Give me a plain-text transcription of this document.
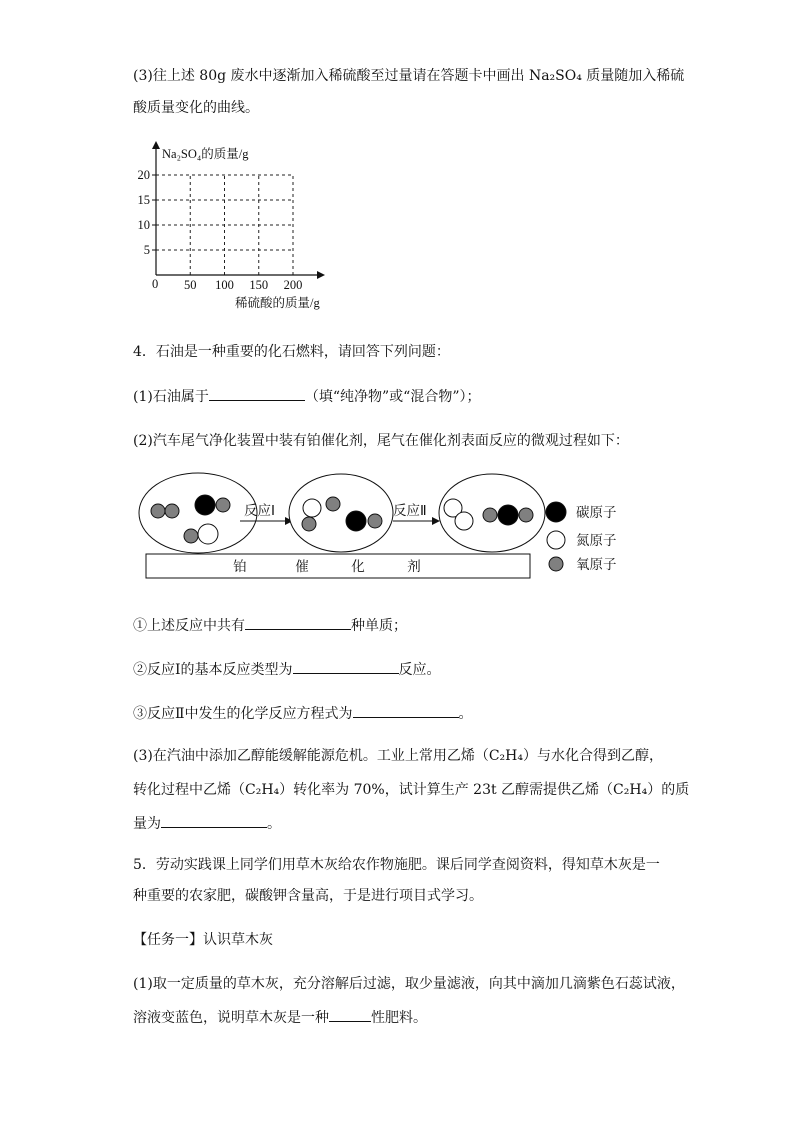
(3)往上述 80g 废水中逐渐加入稀硫酸至过量请在答题卡中画出 Na₂SO₄ 质量随加入稀硫
酸质量变化的曲线。
Na₂SO₄的质量/g
稀硫酸的质量/g
0
5
10
15
20
50 100 150 200
4．石油是一种重要的化石燃料，请回答下列问题：
(1)石油属于	（填“纯净物”或“混合物”）；
(2)汽车尾气净化装置中装有铂催化剂，尾气在催化剂表面反应的微观过程如下：
铂	催	化	剂
反应Ⅰ	反应Ⅱ	碳原子
氮原子
氧原子
①上述反应中共有	种单质；
②反应Ⅰ的基本反应类型为	反应。
③反应Ⅱ中发生的化学反应方程式为	。
(3)在汽油中添加乙醇能缓解能源危机。工业上常用乙烯（C₂H₄）与水化合得到乙醇，
转化过程中乙烯（C₂H₄）转化率为 70%，试计算生产 23t 乙醇需提供乙烯（C₂H₄）的质
量为	。
5．劳动实践课上同学们用草木灰给农作物施肥。课后同学查阅资料，得知草木灰是一
种重要的农家肥，碳酸钾含量高，于是进行项目式学习。
【任务一】认识草木灰
(1)取一定质量的草木灰，充分溶解后过滤，取少量滤液，向其中滴加几滴紫色石蕊试液，
溶液变蓝色，说明草木灰是一种	性肥料。
